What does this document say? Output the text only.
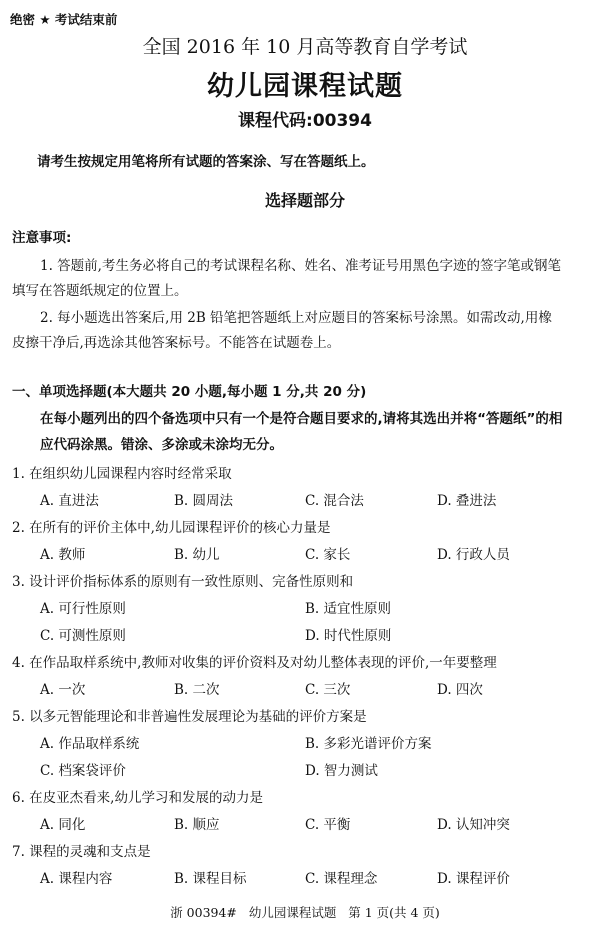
绝密 ★ 考试结束前
全国 2016 年 10 月高等教育自学考试
幼儿园课程试题
课程代码:00394
请考生按规定用笔将所有试题的答案涂、写在答题纸上。
选择题部分
注意事项:
1. 答题前,考生务必将自己的考试课程名称、姓名、准考证号用黑色字迹的签字笔或钢笔
填写在答题纸规定的位置上。
2. 每小题选出答案后,用 2B 铅笔把答题纸上对应题目的答案标号涂黑。如需改动,用橡
皮擦干净后,再选涂其他答案标号。不能答在试题卷上。
一、单项选择题(本大题共 20 小题,每小题 1 分,共 20 分)
在每小题列出的四个备选项中只有一个是符合题目要求的,请将其选出并将“答题纸”的相
应代码涂黑。错涂、多涂或未涂均无分。
1. 在组织幼儿园课程内容时经常采取
A. 直进法	B. 圆周法	C. 混合法	D. 叠进法
2. 在所有的评价主体中,幼儿园课程评价的核心力量是
A. 教师	B. 幼儿	C. 家长	D. 行政人员
3. 设计评价指标体系的原则有一致性原则、完备性原则和
A. 可行性原则	B. 适宜性原则
C. 可测性原则	D. 时代性原则
4. 在作品取样系统中,教师对收集的评价资料及对幼儿整体表现的评价,一年要整理
A. 一次	B. 二次	C. 三次	D. 四次
5. 以多元智能理论和非普遍性发展理论为基础的评价方案是
A. 作品取样系统	B. 多彩光谱评价方案
C. 档案袋评价	D. 智力测试
6. 在皮亚杰看来,幼儿学习和发展的动力是
A. 同化	B. 顺应	C. 平衡	D. 认知冲突
7. 课程的灵魂和支点是
A. 课程内容	B. 课程目标	C. 课程理念	D. 课程评价
浙 00394#   幼儿园课程试题   第 1 页(共 4 页)
